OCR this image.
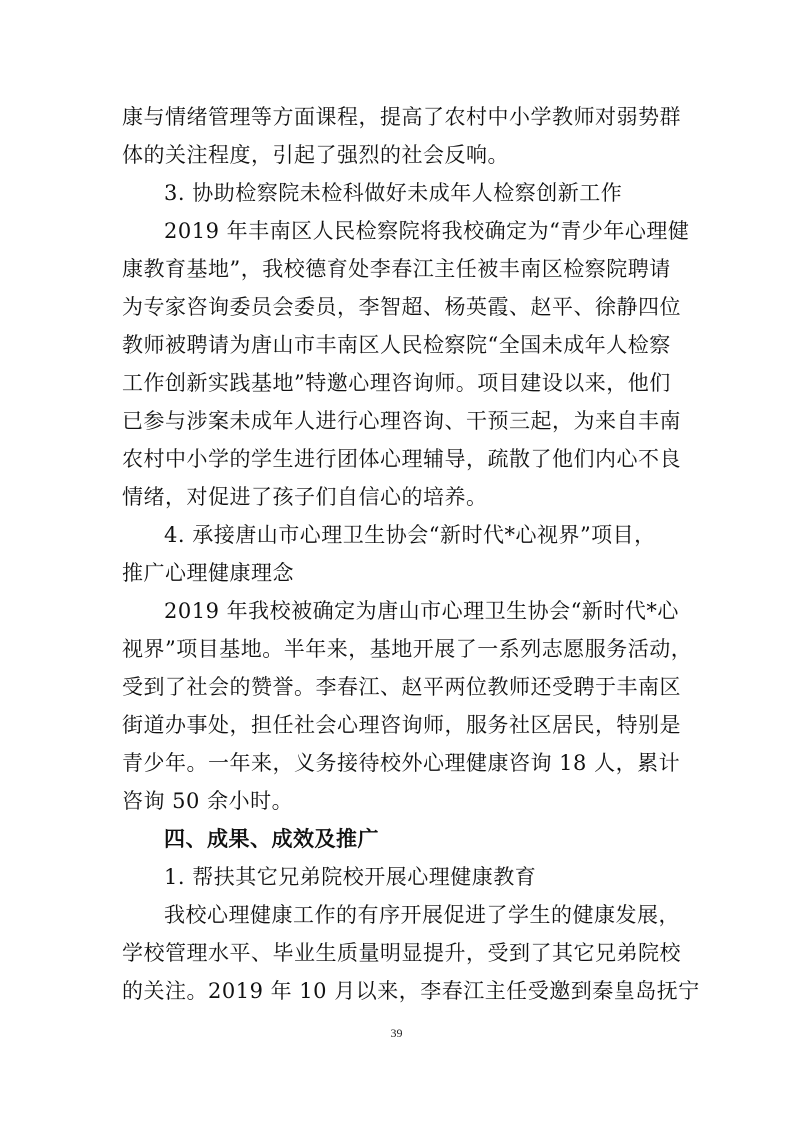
康与情绪管理等方面课程，提高了农村中小学教师对弱势群
体的关注程度，引起了强烈的社会反响。
3. 协助检察院未检科做好未成年人检察创新工作
2019 年丰南区人民检察院将我校确定为“青少年心理健
康教育基地”，我校德育处李春江主任被丰南区检察院聘请
为专家咨询委员会委员，李智超、杨英霞、赵平、徐静四位
教师被聘请为唐山市丰南区人民检察院“全国未成年人检察
工作创新实践基地”特邀心理咨询师。项目建设以来，他们
已参与涉案未成年人进行心理咨询、干预三起，为来自丰南
农村中小学的学生进行团体心理辅导，疏散了他们内心不良
情绪，对促进了孩子们自信心的培养。
4. 承接唐山市心理卫生协会“新时代*心视界”项目，
推广心理健康理念
2019 年我校被确定为唐山市心理卫生协会“新时代*心
视界”项目基地。半年来，基地开展了一系列志愿服务活动，
受到了社会的赞誉。李春江、赵平两位教师还受聘于丰南区
街道办事处，担任社会心理咨询师，服务社区居民，特别是
青少年。一年来，义务接待校外心理健康咨询 18 人，累计
咨询 50 余小时。
四、成果、成效及推广
1. 帮扶其它兄弟院校开展心理健康教育
我校心理健康工作的有序开展促进了学生的健康发展，
学校管理水平、毕业生质量明显提升，受到了其它兄弟院校
的关注。2019 年 10 月以来，李春江主任受邀到秦皇岛抚宁
39
